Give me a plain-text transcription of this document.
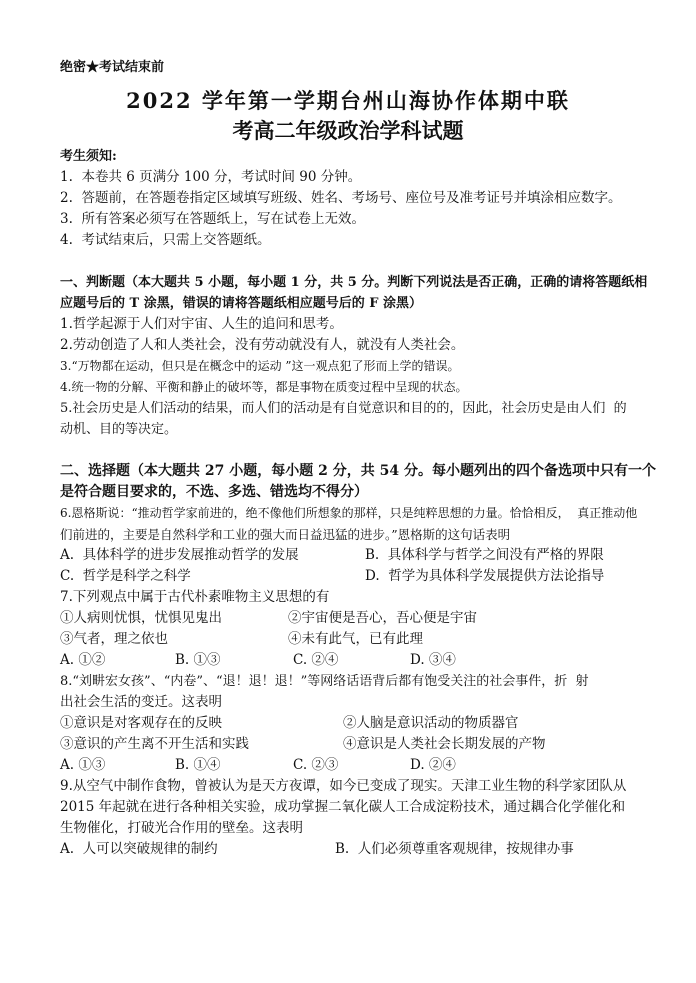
绝密★考试结束前
2022 学年第一学期台州山海协作体期中联
考高二年级政治学科试题
考生须知:
1.  本卷共 6 页满分 100 分，考试时间 90 分钟。
2.  答题前，在答题卷指定区域填写班级、姓名、考场号、座位号及准考证号并填涂相应数字。
3.  所有答案必须写在答题纸上，写在试卷上无效。
4.  考试结束后，只需上交答题纸。
一、判断题（本大题共 5 小题，每小题 1 分，共 5 分。判断下列说法是否正确，正确的请将答题纸相
应题号后的 T 涂黑，错误的请将答题纸相应题号后的 F 涂黑）
1.哲学起源于人们对宇宙、人生的追问和思考。
2.劳动创造了人和人类社会，没有劳动就没有人，就没有人类社会。
3.“万物都在运动，但只是在概念中的运动 ”这一观点犯了形而上学的错误。
4.统一物的分解、平衡和静止的破坏等，都是事物在质变过程中呈现的状态。
5.社会历史是人们活动的结果，而人们的活动是有自觉意识和目的的，因此，社会历史是由人们  的
动机、目的等决定。
二、选择题（本大题共 27 小题，每小题 2 分，共 54 分。每小题列出的四个备选项中只有一个
是符合题目要求的，不选、多选、错选均不得分）
6.恩格斯说：“推动哲学家前进的，绝不像他们所想象的那样，只是纯粹思想的力量。恰恰相反，  真正推动他
们前进的，主要是自然科学和工业的强大而日益迅猛的进步。”恩格斯的这句话表明
A.  具体科学的进步发展推动哲学的发展	B.  具体科学与哲学之间没有严格的界限
C.  哲学是科学之科学	D.  哲学为具体科学发展提供方法论指导
7.下列观点中属于古代朴素唯物主义思想的有
①人病则忧惧，忧惧见鬼出	②宇宙便是吾心，吾心便是宇宙
③气者，理之依也	④未有此气，已有此理
A. ①②	B. ①③	C. ②④	D. ③④
8.“刘畊宏女孩”、“内卷”、“退！退！退！”等网络话语背后都有饱受关注的社会事件，折  射
出社会生活的变迁。这表明
①意识是对客观存在的反映	②人脑是意识活动的物质器官
③意识的产生离不开生活和实践	④意识是人类社会长期发展的产物
A. ①③	B. ①④	C. ②③	D. ②④
9.从空气中制作食物，曾被认为是天方夜谭，如今已变成了现实。天津工业生物的科学家团队从
2015 年起就在进行各种相关实验，成功掌握二氧化碳人工合成淀粉技术，通过耦合化学催化和
生物催化，打破光合作用的壁垒。这表明
A.  人可以突破规律的制约	B.  人们必须尊重客观规律，按规律办事
